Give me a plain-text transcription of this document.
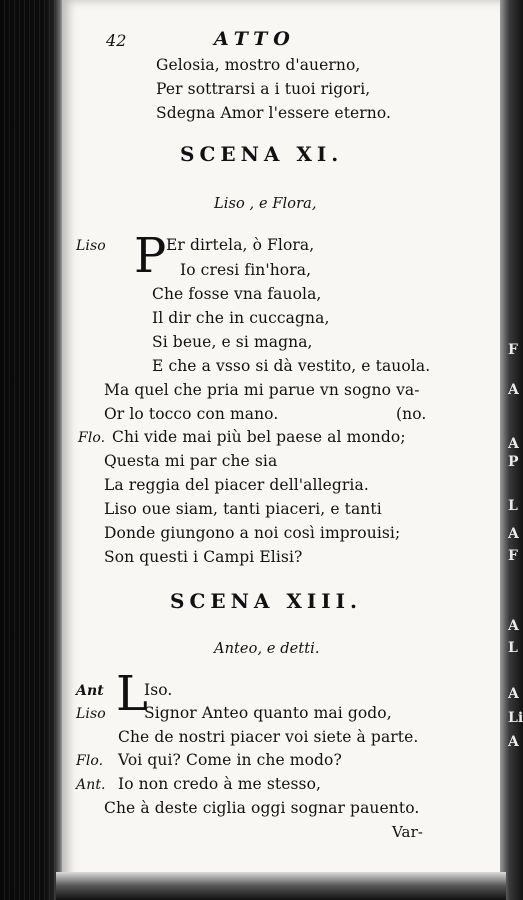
42	ATTO
Gelosia, mostro d'auerno,
Per sottrarsi a i tuoi rigori,
Sdegna Amor l'essere eterno.
SCENA XI.
Liso , e Flora,
Liso P Er dirtela, ò Flora,
Io cresi fin'hora,
Che fosse vna fauola,
Il dir che in cuccagna,
Si beue, e si magna,
E che a vsso si dà vestito, e tauola.
Ma quel che pria mi parue vn sogno va-
Or lo tocco con mano.	(no.
Flo. Chi vide mai più bel paese al mondo;
Questa mi par che sia
La reggia del piacer dell'allegria.
Liso oue siam, tanti piaceri, e tanti
Donde giungono a noi così improuisi;
Son questi i Campi Elisi?
SCENA XIII.
Anteo, e detti.
Ant L
Iso.
Liso Signor Anteo quanto mai godo,
Che de nostri piacer voi siete à parte.
Flo. Voi qui? Come in che modo?
Ant. Io non credo à me stesso,
Che à deste ciglia oggi sognar pauento.
Var-
F
A
A
P
L
A
F
A
L
A
Li
A
